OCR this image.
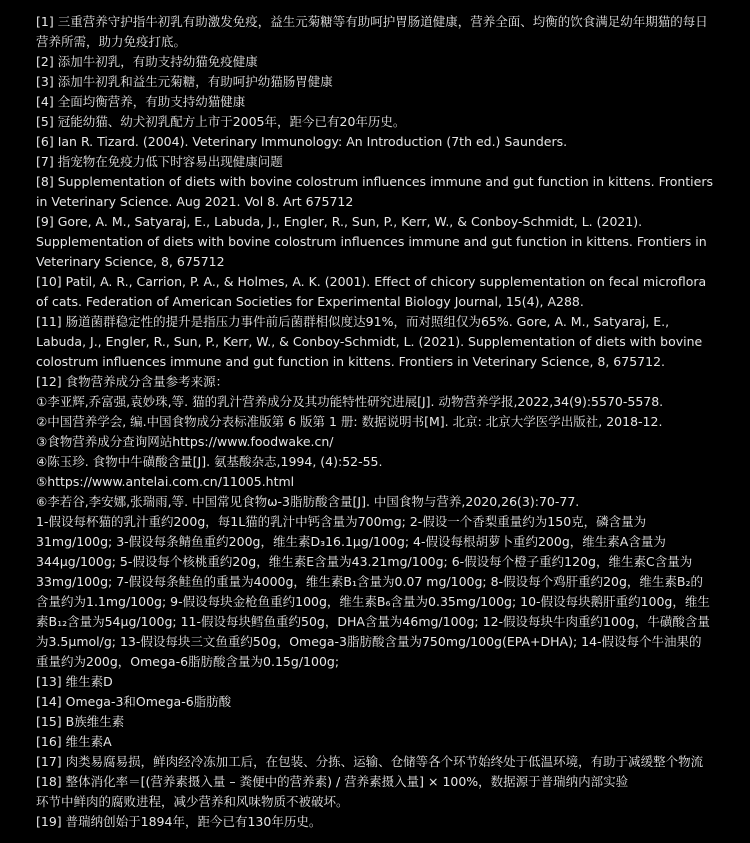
[1] 三重营养守护指牛初乳有助激发免疫，益生元菊糖等有助呵护胃肠道健康，营养全面、均衡的饮食满足幼年期猫的每日营养所需，助力免疫打底。

[2] 添加牛初乳，有助支持幼猫免疫健康

[3] 添加牛初乳和益生元菊糖，有助呵护幼猫肠胃健康

[4] 全面均衡营养，有助支持幼猫健康

[5] 冠能幼猫、幼犬初乳配方上市于2005年，距今已有20年历史。

[6] Ian R. Tizard. (2004). Veterinary Immunology: An Introduction (7th ed.) Saunders.

[7] 指宠物在免疫力低下时容易出现健康问题

[8] Supplementation of diets with bovine colostrum influences immune and gut function in kittens. Frontiers in Veterinary Science. Aug 2021. Vol 8. Art 675712

[9] Gore, A. M., Satyaraj, E., Labuda, J., Engler, R., Sun, P., Kerr, W., & Conboy-Schmidt, L. (2021). Supplementation of diets with bovine colostrum influences immune and gut function in kittens. Frontiers in Veterinary Science, 8, 675712

[10] Patil, A. R., Carrion, P. A., & Holmes, A. K. (2001). Effect of chicory supplementation on fecal microflora of cats. Federation of American Societies for Experimental Biology Journal, 15(4), A288.

[11] 肠道菌群稳定性的提升是指压力事件前后菌群相似度达91%，而对照组仅为65%. Gore, A. M., Satyaraj, E., Labuda, J., Engler, R., Sun, P., Kerr, W., & Conboy-Schmidt, L. (2021). Supplementation of diets with bovine colostrum influences immune and gut function in kittens. Frontiers in Veterinary Science, 8, 675712.

[12] 食物营养成分含量参考来源：

①李亚辉,乔富强,袁妙珠,等. 猫的乳汁营养成分及其功能特性研究进展[J]. 动物营养学报,2022,34(9):5570-5578.

②中国营养学会, 编.中国食物成分表标准版第 6 版第 1 册: 数据说明书[M]. 北京: 北京大学医学出版社, 2018-12.

③食物营养成分查询网站https://www.foodwake.cn/

④陈玉珍. 食物中牛磺酸含量[J]. 氨基酸杂志,1994, (4):52-55.

⑤https://www.antelai.com.cn/11005.html

⑥李若谷,李安娜,张瑞雨,等. 中国常见食物ω-3脂肪酸含量[J]. 中国食物与营养,2020,26(3):70-77.

1-假设每杯猫的乳汁重约200g，每1L猫的乳汁中钙含量为700mg; 2-假设一个香梨重量约为150克，磷含量为31mg/100g; 3-假设每条鲭鱼重约200g，维生素D₃16.1μg/100g; 4-假设每根胡萝卜重约200g，维生素A含量为344μg/100g; 5-假设每个核桃重约20g，维生素E含量为43.21mg/100g; 6-假设每个橙子重约120g，维生素C含量为33mg/100g; 7-假设每条鲑鱼的重量为4000g，维生素B₁含量为0.07 mg/100g; 8-假设每个鸡肝重约20g，维生素B₂的含量约为1.1mg/100g; 9-假设每块金枪鱼重约100g，维生素B₆含量为0.35mg/100g; 10-假设每块鹅肝重约100g，维生素B₁₂含量为54μg/100g; 11-假设每块鳕鱼重约50g，DHA含量为46mg/100g; 12-假设每块牛肉重约100g，牛磺酸含量为3.5μmol/g; 13-假设每块三文鱼重约50g，Omega-3脂肪酸含量为750mg/100g(EPA+DHA); 14-假设每个牛油果的重量约为200g，Omega-6脂肪酸含量为0.15g/100g;

[13] 维生素D

[14] Omega-3和Omega-6脂肪酸

[15] B族维生素

[16] 维生素A

[17] 肉类易腐易损，鲜肉经冷冻加工后，在包装、分拣、运输、仓储等各个环节始终处于低温环境，有助于减缓整个物流

[18] 整体消化率＝[(营养素摄入量 – 粪便中的营养素) / 营养素摄入量] × 100%，数据源于普瑞纳内部实验

环节中鲜肉的腐败进程，减少营养和风味物质不被破坏。

[19] 普瑞纳创始于1894年，距今已有130年历史。
